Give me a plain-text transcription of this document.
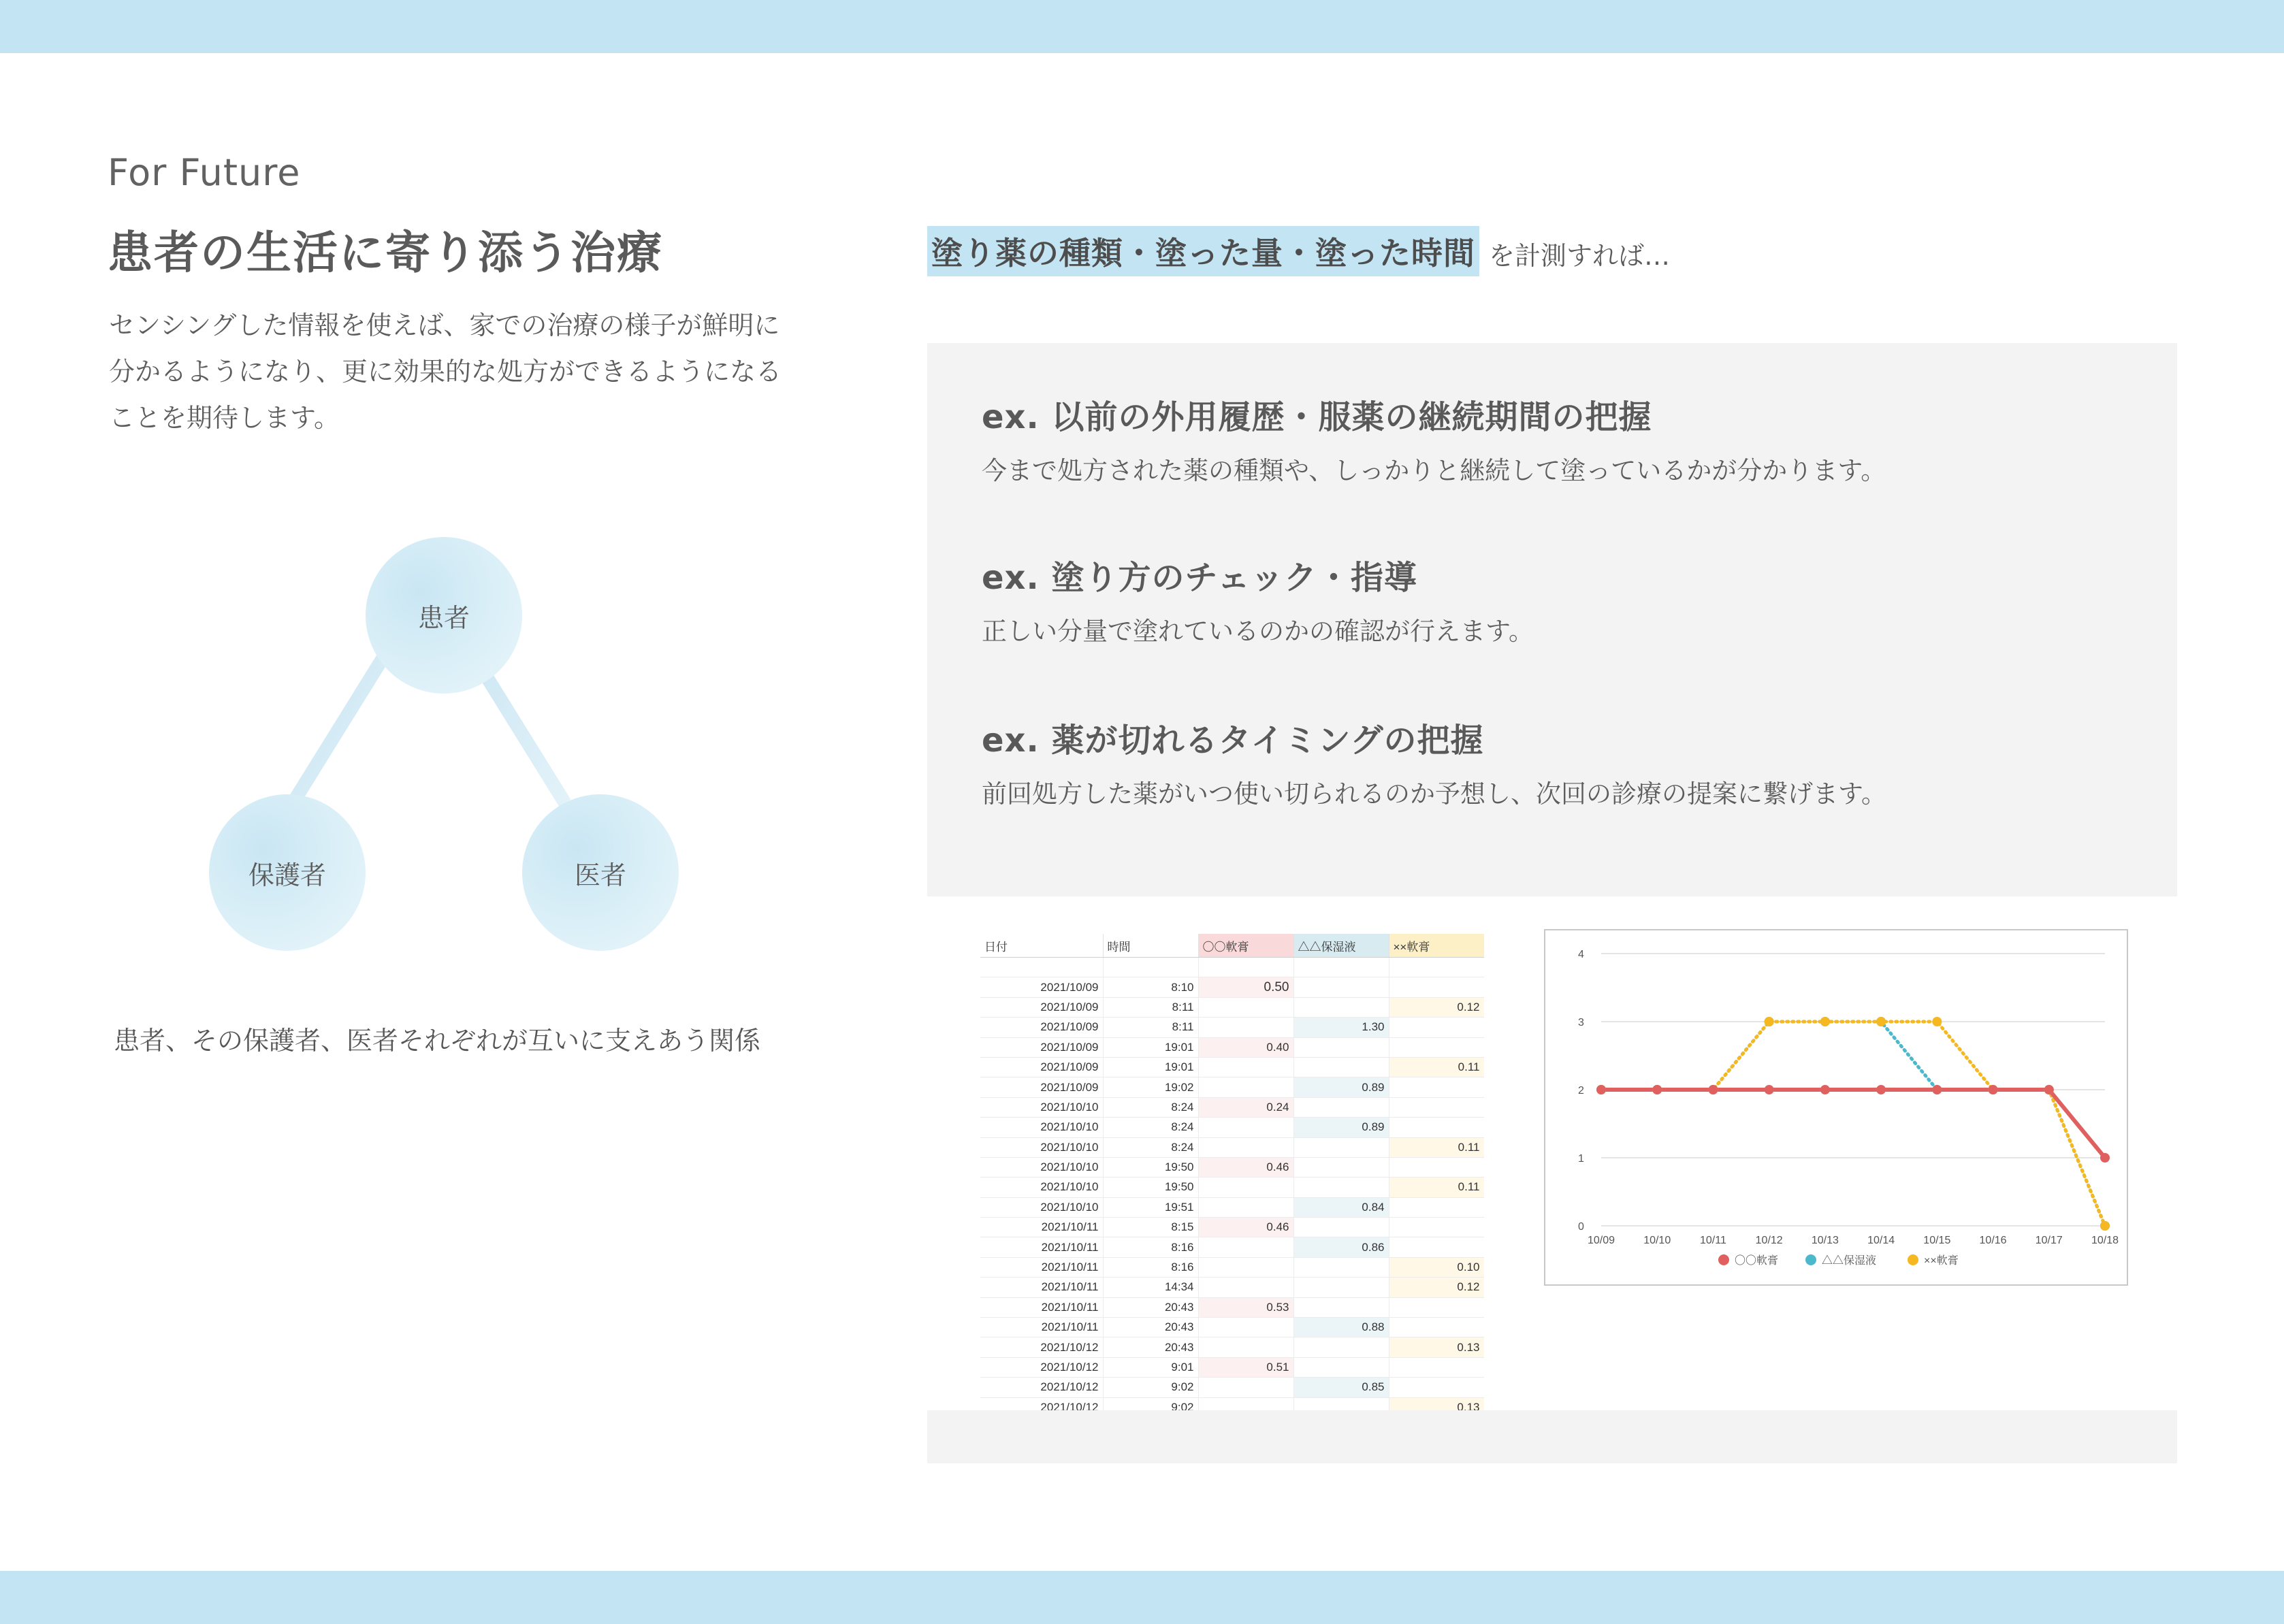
For Future
患者の生活に寄り添う治療
センシングした情報を使えば、家での治療の様子が鮮明に分かるようになり、更に効果的な処方ができるようになることを期待します。
患者
保護者	医者
患者、その保護者、医者それぞれが互いに支えあう関係
塗り薬の種類・塗った量・塗った時間 を計測すれば…
ex. 以前の外用履歴・服薬の継続期間の把握

今まで処方された薬の種類や、しっかりと継続して塗っているかが分かります。

ex. 塗り方のチェック・指導

正しい分量で塗れているのかの確認が行えます。

ex. 薬が切れるタイミングの把握

前回処方した薬がいつ使い切られるのか予想し、次回の診療の提案に繋げます。

日付	時間	〇〇軟膏	△△保湿液	××軟膏

2021/10/09	8:10	0.50		
2021/10/09	8:11			0.12
2021/10/09	8:11		1.30	
2021/10/09	19:01	0.40		
2021/10/09	19:01			0.11
2021/10/09	19:02		0.89	
2021/10/10	8:24	0.24		
2021/10/10	8:24		0.89	
2021/10/10	8:24			0.11
2021/10/10	19:50	0.46		
2021/10/10	19:50			0.11
2021/10/10	19:51		0.84	
2021/10/11	8:15	0.46		
2021/10/11	8:16		0.86	
2021/10/11	8:16			0.10
2021/10/11	14:34			0.12
2021/10/11	20:43	0.53		
2021/10/11	20:43		0.88	
2021/10/12	20:43			0.13
2021/10/12	9:01	0.51		
2021/10/12	9:02		0.85	
2021/10/12	9:02			0.13
0
1
2
3
4
10/09	10/10	10/11	10/12	10/13	10/14	10/15	10/16	10/17	10/18
〇〇軟膏	△△保湿液	××軟膏
